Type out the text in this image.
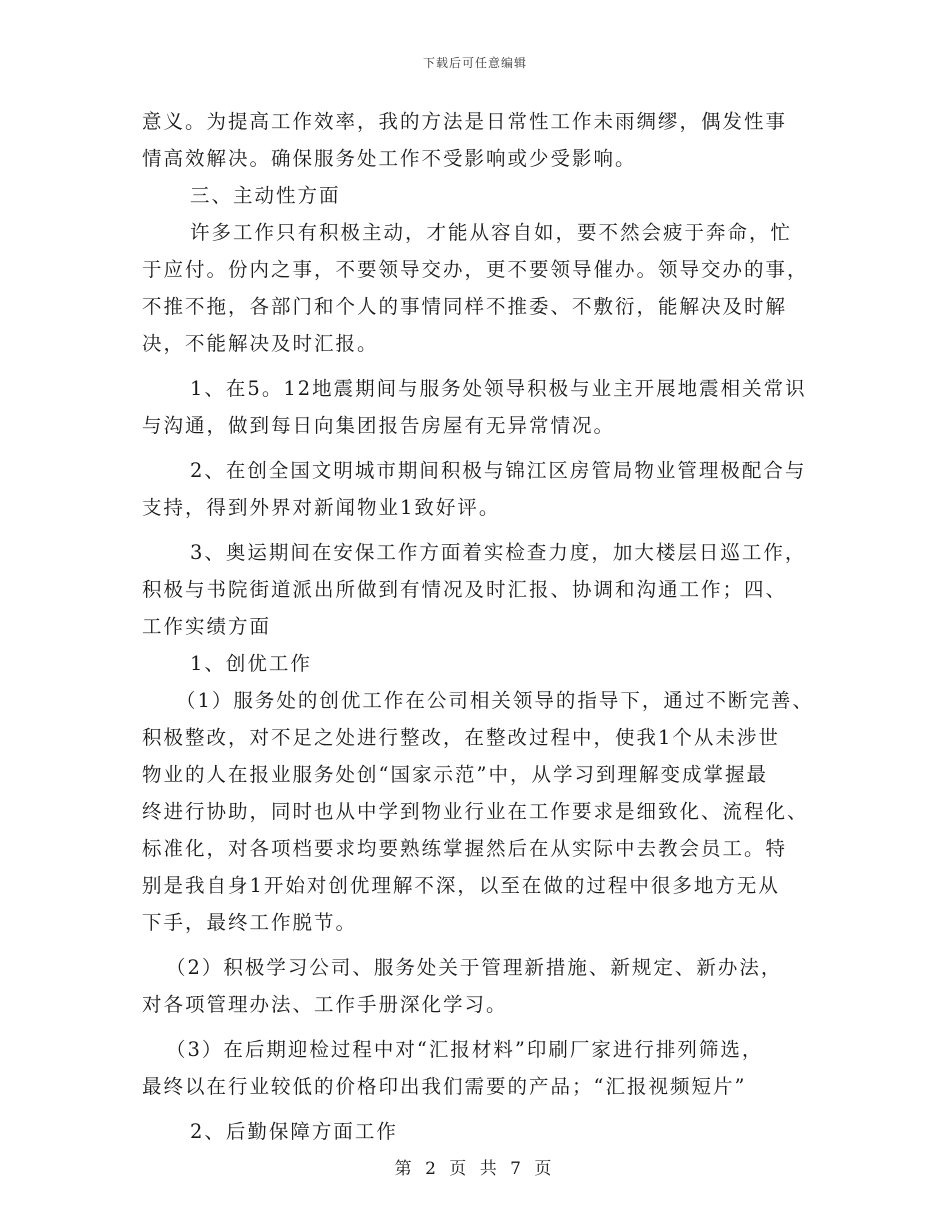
下载后可任意编辑
意义。为提高工作效率，我的方法是日常性工作未雨绸缪，偶发性事
情高效解决。确保服务处工作不受影响或少受影响。
三、主动性方面
许多工作只有积极主动，才能从容自如，要不然会疲于奔命，忙
于应付。份内之事，不要领导交办，更不要领导催办。领导交办的事，
不推不拖，各部门和个人的事情同样不推委、不敷衍，能解决及时解
决，不能解决及时汇报。
1、在5。12地震期间与服务处领导积极与业主开展地震相关常识
与沟通，做到每日向集团报告房屋有无异常情况。
2、在创全国文明城市期间积极与锦江区房管局物业管理极配合与
支持，得到外界对新闻物业1致好评。
3、奥运期间在安保工作方面着实检查力度，加大楼层日巡工作，
积极与书院街道派出所做到有情况及时汇报、协调和沟通工作；四、
工作实绩方面
1、创优工作
（1）服务处的创优工作在公司相关领导的指导下，通过不断完善、
积极整改，对不足之处进行整改，在整改过程中，使我1个从未涉世
物业的人在报业服务处创“国家示范”中，从学习到理解变成掌握最
终进行协助，同时也从中学到物业行业在工作要求是细致化、流程化、
标准化，对各项档要求均要熟练掌握然后在从实际中去教会员工。特
别是我自身1开始对创优理解不深，以至在做的过程中很多地方无从
下手，最终工作脱节。
（2）积极学习公司、服务处关于管理新措施、新规定、新办法，
对各项管理办法、工作手册深化学习。
（3）在后期迎检过程中对“汇报材料”印刷厂家进行排列筛选，
最终以在行业较低的价格印出我们需要的产品；“汇报视频短片”
2、后勤保障方面工作
第 2 页 共 7 页
